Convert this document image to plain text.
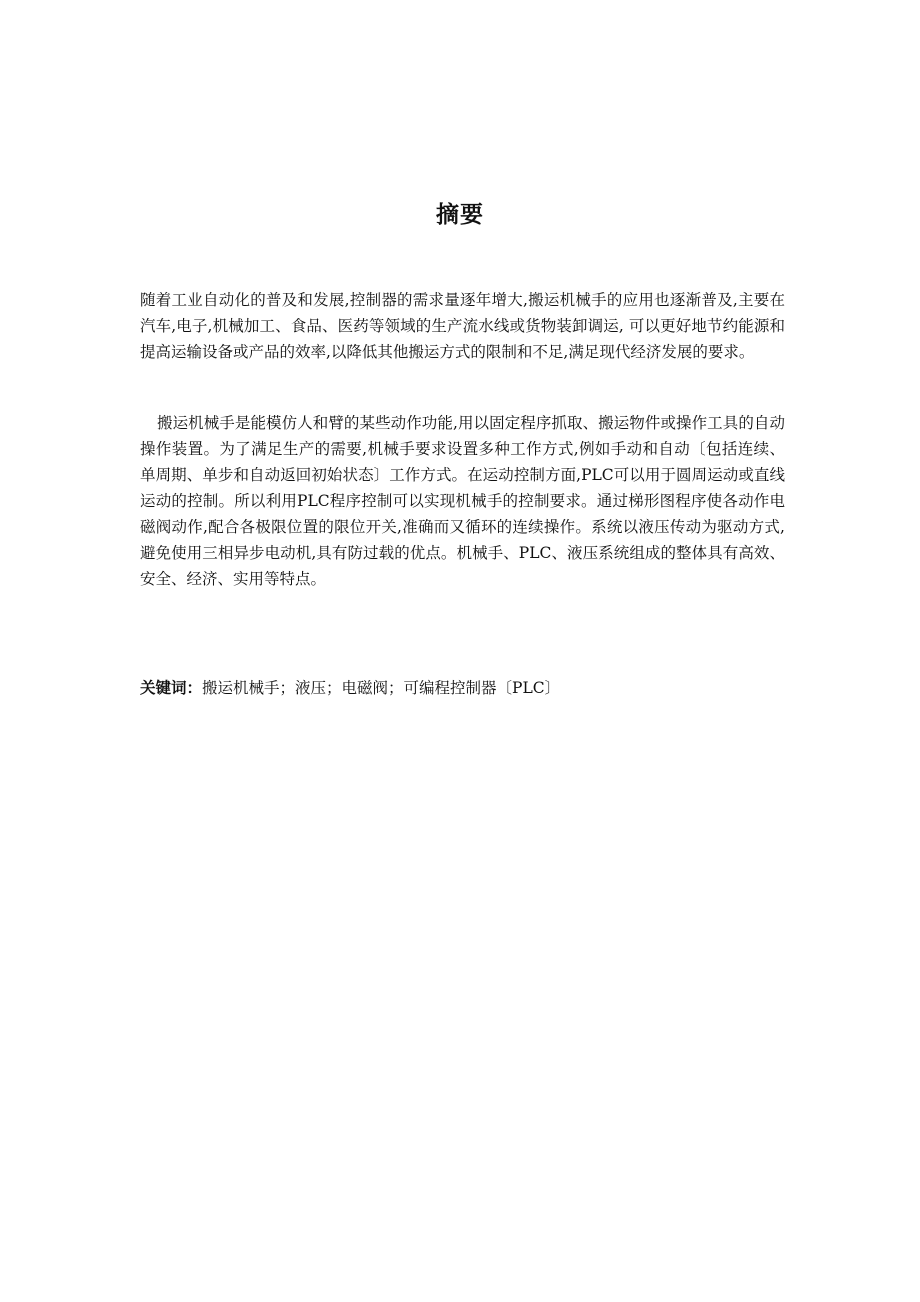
摘要
随着工业自动化的普及和发展,控制器的需求量逐年增大,搬运机械手的应用也逐渐普及,主要在汽车,电子,机械加工、食品、医药等领域的生产流水线或货物装卸调运, 可以更好地节约能源和提高运输设备或产品的效率,以降低其他搬运方式的限制和不足,满足现代经济发展的要求。
搬运机械手是能模仿人和臂的某些动作功能,用以固定程序抓取、搬运物件或操作工具的自动操作装置。为了满足生产的需要,机械手要求设置多种工作方式,例如手动和自动〔包括连续、单周期、单步和自动返回初始状态〕工作方式。在运动控制方面,PLC可以用于圆周运动或直线运动的控制。所以利用PLC程序控制可以实现机械手的控制要求。通过梯形图程序使各动作电磁阀动作,配合各极限位置的限位开关,准确而又循环的连续操作。系统以液压传动为驱动方式,避免使用三相异步电动机,具有防过载的优点。机械手、PLC、液压系统组成的整体具有高效、安全、经济、实用等特点。
关键词：搬运机械手；液压；电磁阀；可编程控制器〔PLC〕
